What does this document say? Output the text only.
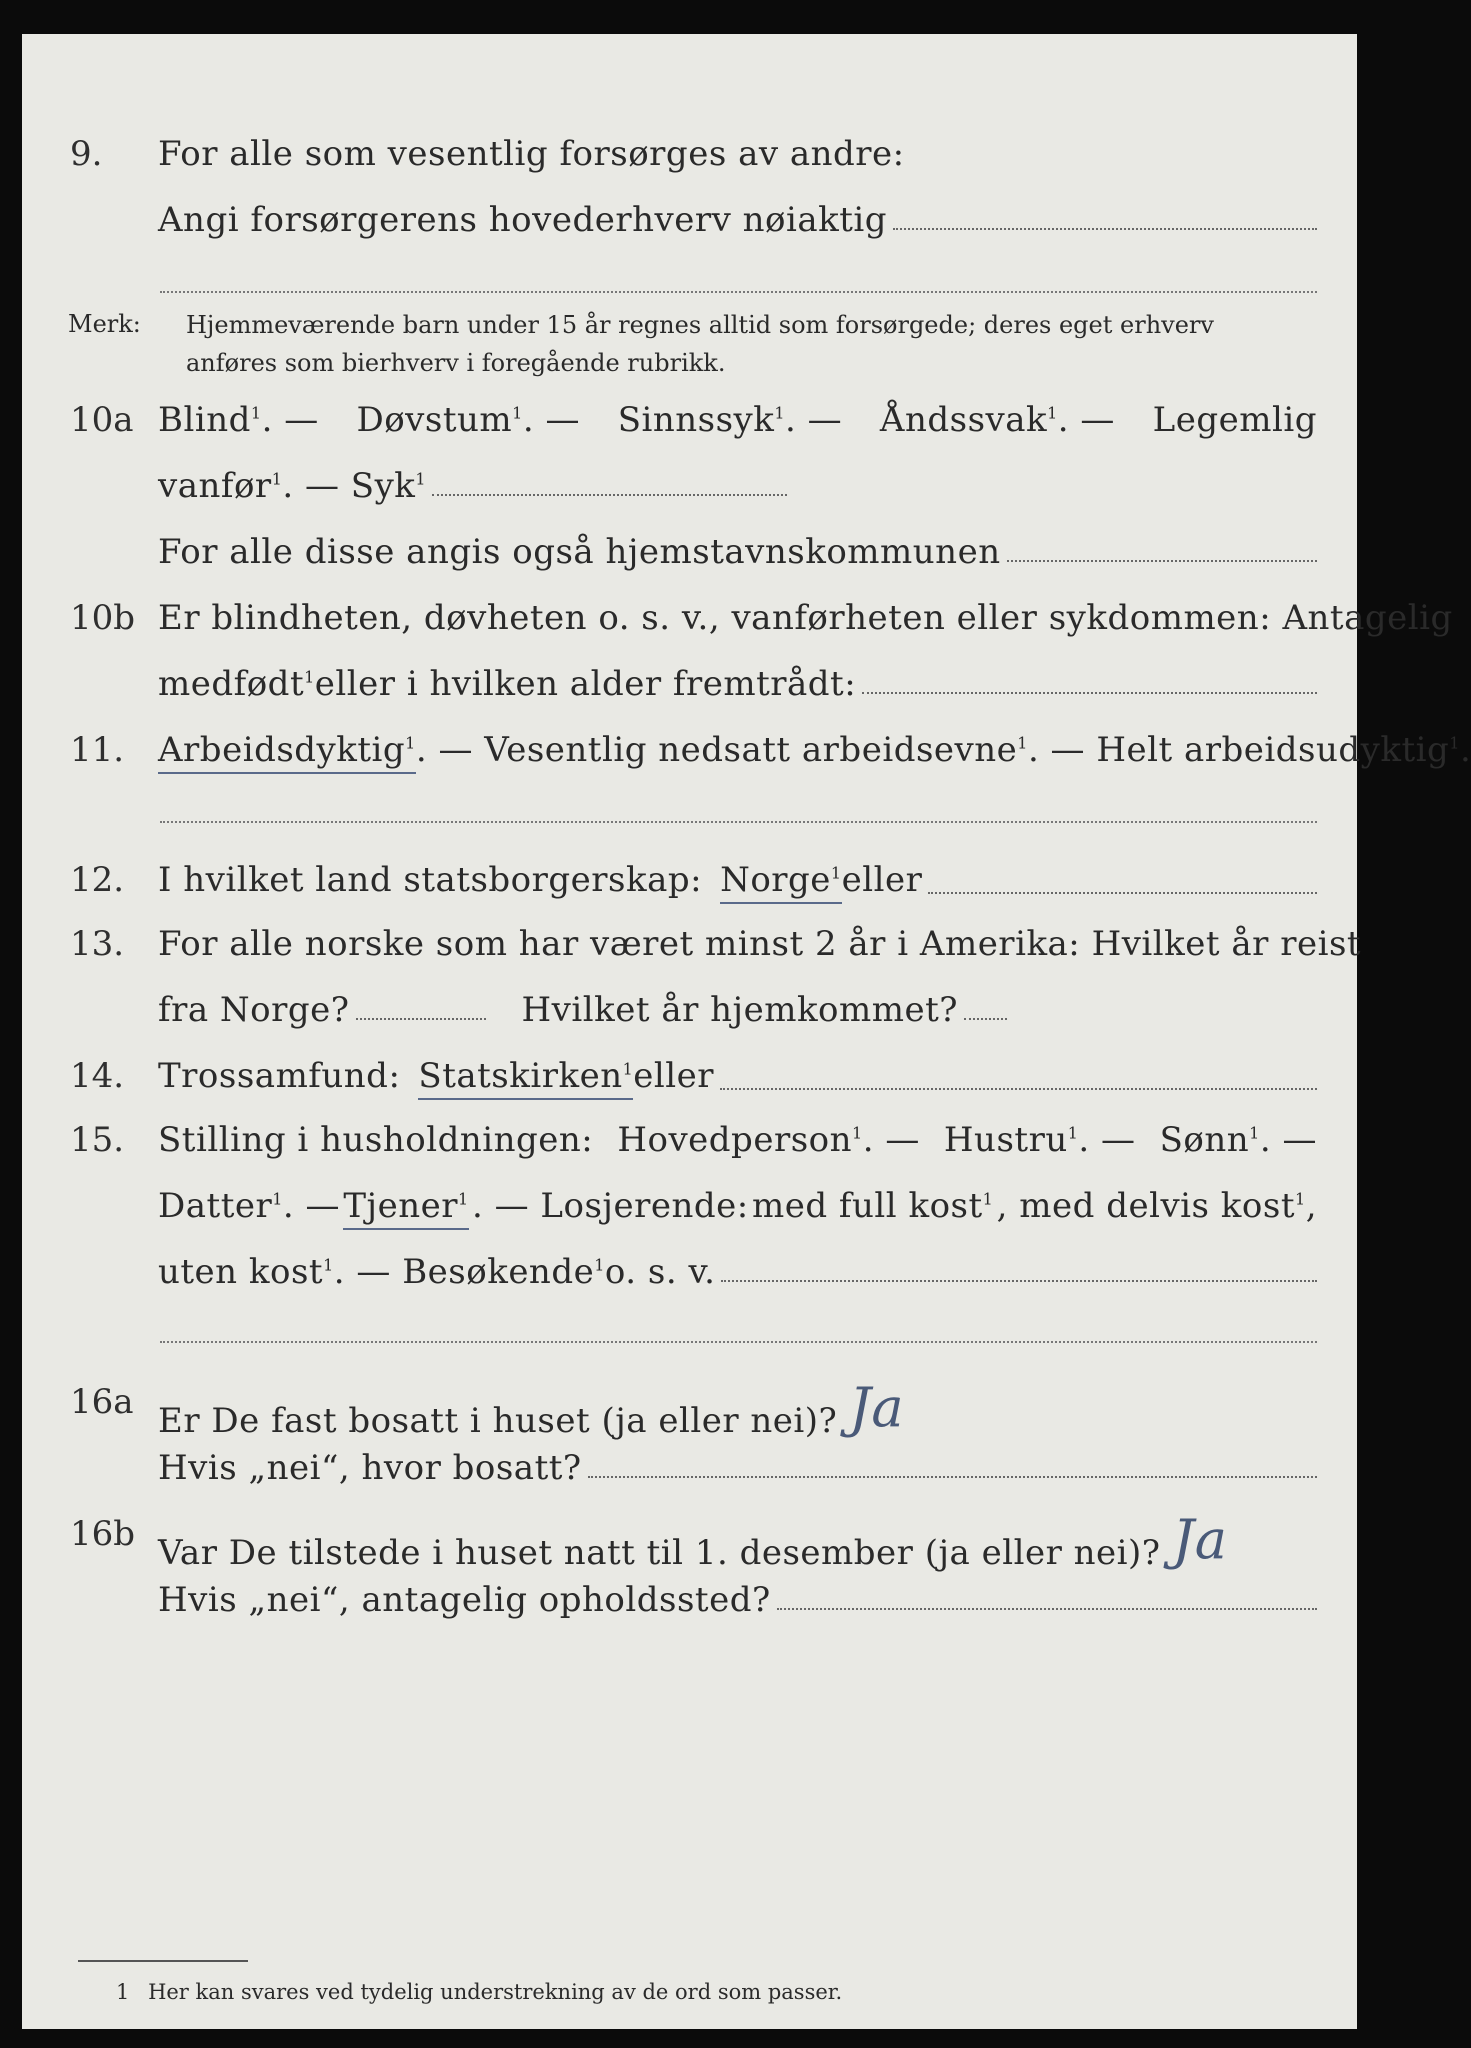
9. For alle som vesentlig forsørges av andre:
Angi forsørgerens hovederhverv nøiaktig
Merk: Hjemmeværende barn under 15 år regnes alltid som forsørgede; deres eget erhverv
anføres som bierhverv i foregående rubrikk.
10a Blind$^1$. — Døvstum$^1$. — Sinnssyk$^1$. — Åndssvak$^1$. — Legemlig
vanfør$^1$ . — Syk$^1$
For alle disse angis også hjemstavnskommunen
10b Er blindheten, døvheten o. s. v., vanførheten eller sykdommen: Antagelig
medfødt$^1$ eller i hvilken alder fremtrådt:
11. Arbeidsdyktig$^1$ . — Vesentlig nedsatt arbeidsevne$^1$ . — Helt arbeidsudyktig$^1$ .
12. I hvilket land statsborgerskap: Norge$^1$ eller
13. For alle norske som har været minst 2 år i Amerika: Hvilket år reist
fra Norge?	Hvilket år hjemkommet?
14. Trossamfund: Statskirken$^1$ eller
15. Stilling i husholdningen: Hovedperson$^1$. — Hustru$^1$. — Sønn$^1$. —
Datter$^1$. — Tjener$^1$ . — Losjerende: med full kost$^1$ , med delvis kost$^1$,
uten kost$^1$ . — Besøkende$^1$ o. s. v.
16a Er De fast bosatt i huset (ja eller nei)? Ja
Hvis „nei“, hvor bosatt?
16b Var De tilstede i huset natt til 1. desember (ja eller nei)? Ja
Hvis „nei“, antagelig opholdssted?
1 Her kan svares ved tydelig understrekning av de ord som passer.
